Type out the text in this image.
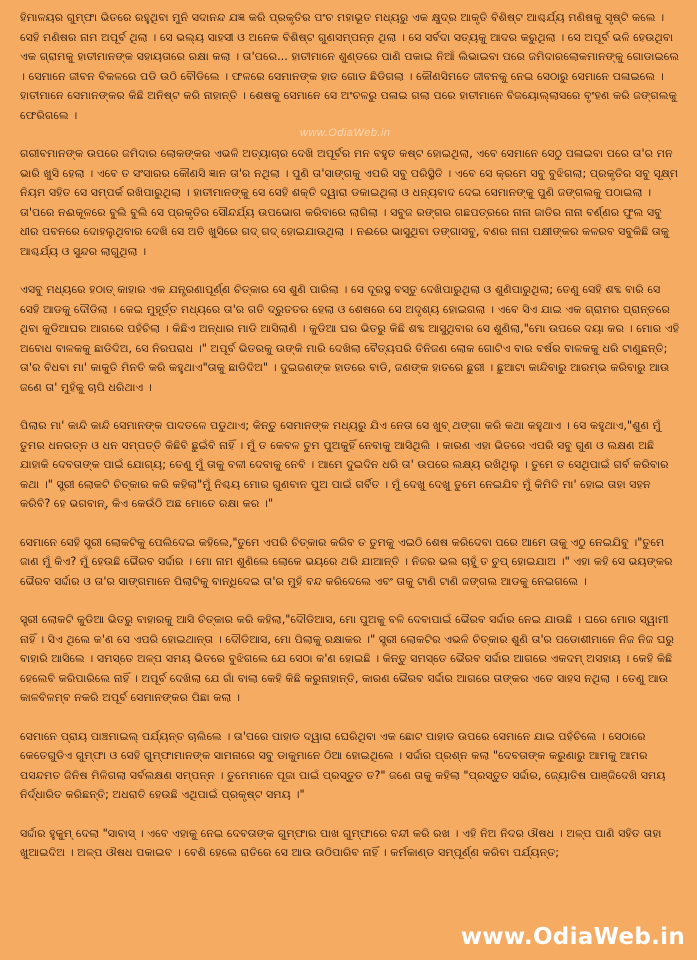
ହିମାଳୟର ଗୁମ୍ଫା ଭିତରେ ରହୁଥିବା ମୁନି ସଦାନନ୍ଦ ଯଜ୍ଞ କରି ପ୍ରକୃତିର ପଂଚ ମହାଭୂତ ମଧ୍ୟରୁ ଏକ କ୍ଷୁଦ୍ର ଆକୃତି ବିଶିଷ୍ଟ ଆଶ୍ଚର୍ଯ୍ୟ ମଣିଷକୁ ସୃଷ୍ଟି କଲେ । ସେହି ମଣିଷର ନାମ ଅପୂର୍ବ ଥିଲା । ସେ ଭଲ୍ୟ ସାହସୀ ଓ ଅନେକ ବିଶିଷ୍ଟ ଗୁଣସମ୍ପନ୍ନ ଥିଲା । ସେ ସର୍ବଦା ସତ୍ୟକୁ ଆଦର କରୁଥିଲା । ସେ ଅପୂର୍ବ ଭଳି ହେଉଥିବା ଏକ ଗ୍ରାମକୁ ହାତୀମାନଙ୍କ ସହାୟତାରେ ରକ୍ଷା କଲା । ତା'ପରେ... ହାତୀମାନେ ଶୁଣ୍ଡରେ ପାଣି ପକାଇ ନିଆଁ ଲିଭାଇବା ପରେ ଜମିଦାରଲୋକମାନଙ୍କୁ ଗୋଡାଇଲେ । ସେମାନେ ଜୀବନ ବିକଳରେ ପଡି ଉଠି ବୌଡିଲେ । ଫଳରେ ସେମାନଙ୍କ ହାତ ଗୋଡ ଛିଡିଗଲା । କୌଣସିମତେ ଜୀବନକୁ ନେଇ ସେଠାରୁ ସେମାନେ ପଳାଇଲେ । ହାତୀମାନେ ସେମାନଙ୍କର କିଛି ଅନିଷ୍ଟ କରି ନାହାନ୍ତି । ଶେଷକୁ ସେମାନେ ସେ ଅଂଚଳରୁ ପଳାଇ ଗଲା ପରେ ହାତୀମାନେ ବିଜୟୋଲ୍ଲାସରେ ବୃଂହଣ କରି ଜଙ୍ଗଲକୁ ଫେରିଗଲେ ।

ଗରୀବମାନଙ୍କ ଉପରେ ଜମିଦାର ଲୋକଙ୍କର ଏଭଳି ଅତ୍ୟାଚାର ଦେଖି ଅପୂର୍ବର ମନ ବହୁତ କଷ୍ଟ ହୋଇଥିଲା, ଏବେ ସେମାନେ ସେଠୁ ପଳାଇବା ପରେ ତା'ର ମନ ଭାରି ଖୁସି ହେଲା । ଏବେ ତ ସଂସାରର କୌଣସି ଜ୍ଞାନ ତା'ର ନଥିଲା । ପୁଣି ତା'ସାଙ୍ଗକୁ ଏପରି ସବୁ ପରିସ୍ଥିତି । ଏବେ ସେ କ୍ରମେ ସବୁ ବୁଝିଗଲା; ପ୍ରକୃତିର ସବୁ ସୂକ୍ଷ୍ମ ନିୟମ ସହିତ ସେ ସମ୍ପର୍କ ରଖିପାରୁଥିଲା । ହାତୀମାନଙ୍କୁ ସେ ସେହି ଶକ୍ତି ଦ୍ୱାରା ଡକାଇଥିଲା ଓ ଧନ୍ୟବାଦ ଦେଇ ସେମାନଙ୍କୁ ପୁଣି ଜଙ୍ଗଲକୁ ପଠାଇଲା । ତା'ପରେ ନଈକୂଳରେ ବୁଲି ବୁଲି ସେ ପ୍ରକୃତିର ସୌନ୍ଦର୍ଯ୍ୟ ଉପଭୋଗ କରିବାରେ ଲାଗିଲା । ସବୁଜ ରଙ୍ଗର ଗଛପତ୍ରରେ ନାନା ଜାତିର ନାନା ବର୍ଣ୍ଣର ଫୁଲ ସବୁ ଧୀର ପବନରେ ଦୋହଲୁଥିବାର ଦେଖି ସେ ଅତି ଖୁସିରେ ଗଦ୍ ଗଦ୍ ହୋଇଯାଉଥିଲା । ନଈରେ ଭାସୁଥିବା ଡଙ୍ଗାସବୁ, ବଣର ନାନା ପକ୍ଷୀଙ୍କର କଳରବ ସବୁକିଛି ତାକୁ ଆଶ୍ଚର୍ଯ୍ୟ ଓ ସୁନ୍ଦର ଲାଗୁଥିଲା ।

ଏସବୁ ମଧ୍ୟରେ ହଠାତ୍ କାହାର ଏକ ଯନ୍ତ୍ରଣାପୂର୍ଣ୍ଣ ଚିତ୍କାର ସେ ଶୁଣି ପାରିଲା । ସେ ଦୂରସ୍ଥ ବସ୍ତୁ ଦେଖିପାରୁଥିଲା ଓ ଶୁଣିପାରୁଥିଲା; ତେଣୁ ସେହି ଶବ୍ଦ ବାରି ସେ ସେହି ଆଡକୁ ଦୌଡିଲା । କେଇ ମୁହୂର୍ତ୍ତ ମଧ୍ୟରେ ତା'ର ଗତି ଦ୍ରୁତତର ହେଲା ଓ ଶେଷରେ ସେ ଅଦୃଶ୍ୟ ହୋଇଗଲା । ଏବେ ସିଏ ଯାଇ ଏକ ଗ୍ରାମର ପ୍ରାନ୍ତରେ ଥିବା କୁଡିଆଘର ଆଗରେ ପହଁଚିଲା । କିଛିଏ ଅନ୍ଧାର ମାଡି ଆସିଲାଣି । କୁଡିଆ ଘର ଭିତରୁ କିଛି ଶବ୍ଦ ଆସୁଥିବାର ସେ ଶୁଣିଲା,"ମୋ ଉପରେ ଦୟା କର । ମୋର ଏହି ଅବୋଧ ବାଳକକୁ ଛାଡିଦିଅ, ସେ ନିରପରାଧ ।" ଅପୂର୍ବ ଭିତରକୁ ଉଙ୍କି ମାରି ଦେଖିଲା ବୈତ୍ୟପରି ତିନିଜଣ ଲୋକ ଗୋଟିଏ ବାର ବର୍ଷର ବାଳକକୁ ଧରି ଟାଣୁଛନ୍ତି; ତା'ର ବିଧବା ମା' କାକୁତି ମିନତି କରି କହୁଥାଏ"ତାକୁ ଛାଡିଦିଅ" । ଦୁଇଜଣଙ୍କ ହାତରେ ବାଡି, ଜଣଙ୍କ ହାତରେ ଛୁରୀ । ଛୁଆଟା କାନ୍ଦିବାରୁ ଆରମ୍ଭ କରିବାରୁ ଆଉ ଜଣେ ତା' ମୁହଁକୁ ଚାପି ଧରିଥାଏ ।

ପିଲାର ମା' କାନ୍ଦି କାନ୍ଦି ସେମାନଙ୍କ ପାଦତଳେ ପଡୁଥାଏ; କିନ୍ତୁ ସେମାନଙ୍କ ମଧ୍ୟରୁ ଯିଏ ନେତା ସେ ଖୁବ୍ ଥଙ୍ଗା କରି କଥା କହୁଥାଏ । ସେ କହୁଥାଏ,"ଶୁଣ ମୁଁ ତୁମର ଧନରତ୍ନ ଓ ଧନ ସମ୍ପତ୍ତି କିଛିବି ଛୁଇଁବି ନାହିଁ । ମୁଁ ତ କେବଳ ତୁମ ପୁଅକୁହିଁ ନେବାକୁ ଆସିଥିଲି । କାରଣ ଏହା ଭିତରେ ଏପରି ସବୁ ଗୁଣ ଓ ଲକ୍ଷଣ ଅଛି ଯାହାକି ଦେବତାଙ୍କ ପାଇଁ ଯୋଗ୍ୟ; ତେଣୁ ମୁଁ ତାକୁ ବଳୀ ଦେବାକୁ ନେବି । ଆମେ ଦୁଇଦିନ ଧରି ତା' ଉପରେ ଲକ୍ଷ୍ୟ ରଖିଥିଲୁ । ତୁମେ ତ ସେଥିପାଇଁ ଗର୍ବ କରିବାର କଥା ।" ସ୍ତ୍ରୀ ଲୋକଟି ଚିତ୍କାର କରି କହିଲା"ମୁଁ ନିଶ୍ଚୟ ମୋର ଗୁଣବାନ ପୁଅ ପାଇଁ ଗର୍ବିତ । ମୁଁ ଦେଖୁ ଦେଖୁ ତୁମେ ନେଇଯିବ ମୁଁ କିମିତି ମା' ହୋଇ ତାହା ସହନ କରିବି? ହେ ଭଗବାନ୍, କିଏ କେଉଁଠି ଅଛ ମୋତେ ରକ୍ଷା କର ।"

ସେମାନେ ସେହି ସ୍ତ୍ରୀ ଲୋକଟିକୁ ପେଲିଦେଇ କହିଲେ,"ତୁମେ ଏପରି ଚିତ୍କାର କରିବ ତ ତୁମକୁ ଏଇଠି ଶେଷ କରିଦେବା ପରେ ଆମେ ତାକୁ ଏଠୁ ନେଇଯିବୁ ।"ତୁମେ ଜାଣ ମୁଁ କିଏ? ମୁଁ ହେଉଛି ଭୈରବ ସର୍ଦ୍ଦାର । ମୋ ନାମ ଶୁଣିଲେ ଲୋକେ ଭୟରେ ଥରି ଯାଆନ୍ତି । ନିଜର ଭଲ ଚାହୁଁ ତ ଚୁପ୍ ହୋଇଯାଅ ।" ଏହା କହି ସେ ଭୟଙ୍କର ଭୈରବ ସର୍ଦ୍ଦାର ଓ ତା'ର ସାଙ୍ଗମାନେ ପିଲାଟିକୁ ବାନ୍ଧିଦେଇ ତା'ର ମୁହଁ ବନ୍ଦ କରିଦେଲେ ଏବଂ ତାକୁ ଟାଣି ଟାଣି ଜଙ୍ଗଲ ଆଡକୁ ନେଇଗଲେ ।

ସ୍ତ୍ରୀ ଲୋକଟି କୁଡିଆ ଭିତରୁ ବାହାରକୁ ଆସି ଚିତ୍କାର କରି କହିଲା,"ଦୌଡିଆସ, ମୋ ପୁଅକୁ ବଳି ଦେବାପାଇଁ ଭୈରବ ସର୍ଦ୍ଦାର ନେଇ ଯାଉଛି । ଘରେ ମୋର ସ୍ୱାମୀ ନାହିଁ । ସିଏ ଥିଲେ କ'ଣ ସେ ଏପରି ହୋଇଥାନ୍ତା । ଦୌଡିଆସ, ମୋ ପିଲାକୁ ରକ୍ଷାକର ।" ସ୍ତ୍ରୀ ଲୋକଟିର ଏଭଳି ଚିତ୍କାର ଶୁଣି ତା'ର ପଡୋଶୀମାନେ ନିଜ ନିଜ ଘରୁ ବାହାରି ଆସିଲେ । ସମସ୍ତେ ଅଳ୍ପ ସମୟ ଭିତରେ ବୁଝିଗଲେ ଯେ ସେଠା କ'ଣ ହୋଇଛି । କିନ୍ତୁ ସମସ୍ତେ ଭୈରବ ସର୍ଦ୍ଦାର ଆଗରେ ଏକଦମ୍ ଅସହାୟ । କେହି କିଛି ହେଲେବି କରିପାରିଲେ ନାହିଁ । ଅପୂର୍ବ ଦେଖିଲା ଯେ ଗାଁ ବାଲା କେହି କିଛି କରୁନାହାନ୍ତି, କାରଣ ଭୈରବ ସର୍ଦ୍ଦାର ଆଗରେ ତାଙ୍କର ଏତେ ସାହସ ନଥିଲା । ତେଣୁ ଆଉ କାଳବିଳମ୍ବ ନକରି ଅପୂର୍ବ ସେମାନଙ୍କର ପିଛା କଲା ।

ସେମାନେ ପ୍ରାୟ ପାଞ୍ଚମାଇଲ୍ ପର୍ଯ୍ୟନ୍ତ ଚାଲିଲେ । ତା'ପରେ ପାହାଡ ଦ୍ୱାରା ଘେରିଥିବା ଏକ ଛୋଟ ପାହାଡ ଉପରେ ସେମାନେ ଯାଇ ପହଁଚିଲେ । ସେଠାରେ କେତେଗୁଡିଏ ଗୁମ୍ଫା ଓ ସେହି ଗୁମ୍ଫାମାନଙ୍କ ସାମନାରେ ସବୁ ଡାକୁମାନେ ଠିଆ ହୋଇଥିଲେ । ସର୍ଦ୍ଦାର ପ୍ରଶ୍ନ କଲା "ଦେବତାଙ୍କ କରୁଣାରୁ ଆମକୁ ଆମର ପସନ୍ଦମତ ଜିନିଷ ମିଳିଗଲା ସର୍ବଲକ୍ଷଣ ସମ୍ପନ୍ନ । ତୁମେମାନେ ପୂଜା ପାଇଁ ପ୍ରସ୍ତୁତ ତ?" ଜଣେ ତାକୁ କହିଲା "ପ୍ରସ୍ତୁତ ସର୍ଦ୍ଦାର, ଜ୍ୟୋତିଷ ପାଞ୍ଜିଦେଖି ସମୟ ନିର୍ଦ୍ଧାରିତ କରିଛନ୍ତି; ଅଧରାତି ହେଉଛି ଏଥିପାଇଁ ପ୍ରକୃଷ୍ଟ ସମୟ ।"

ସର୍ଦ୍ଦାର ହୁକୁମ୍ ଦେଲା "ସାବାସ୍ । ଏବେ ଏହାକୁ ନେଇ ଦେବତାଙ୍କ ଗୁମ୍ଫାର ପାଖ ଗୁମ୍ଫାରେ ବନ୍ଦୀ କରି ରଖ । ଏହି ନିଅ ନିଦର ଔଷଧ । ଅଳ୍ପ ପାଣି ସହିତ ତାହା ଖୁଆଇଦିଅ । ଅଳ୍ପ ଔଷଧ ପକାଇବ । ବେଶି ହେଲେ ରାତିରେ ସେ ଆଉ ଉଠିପାରିବ ନାହିଁ । କର୍ମକାଣ୍ଡ ସମ୍ପୂର୍ଣ୍ଣ କରିବା ପର୍ଯ୍ୟନ୍ତ;

www.OdiaWeb.in
www.OdiaWeb.in
